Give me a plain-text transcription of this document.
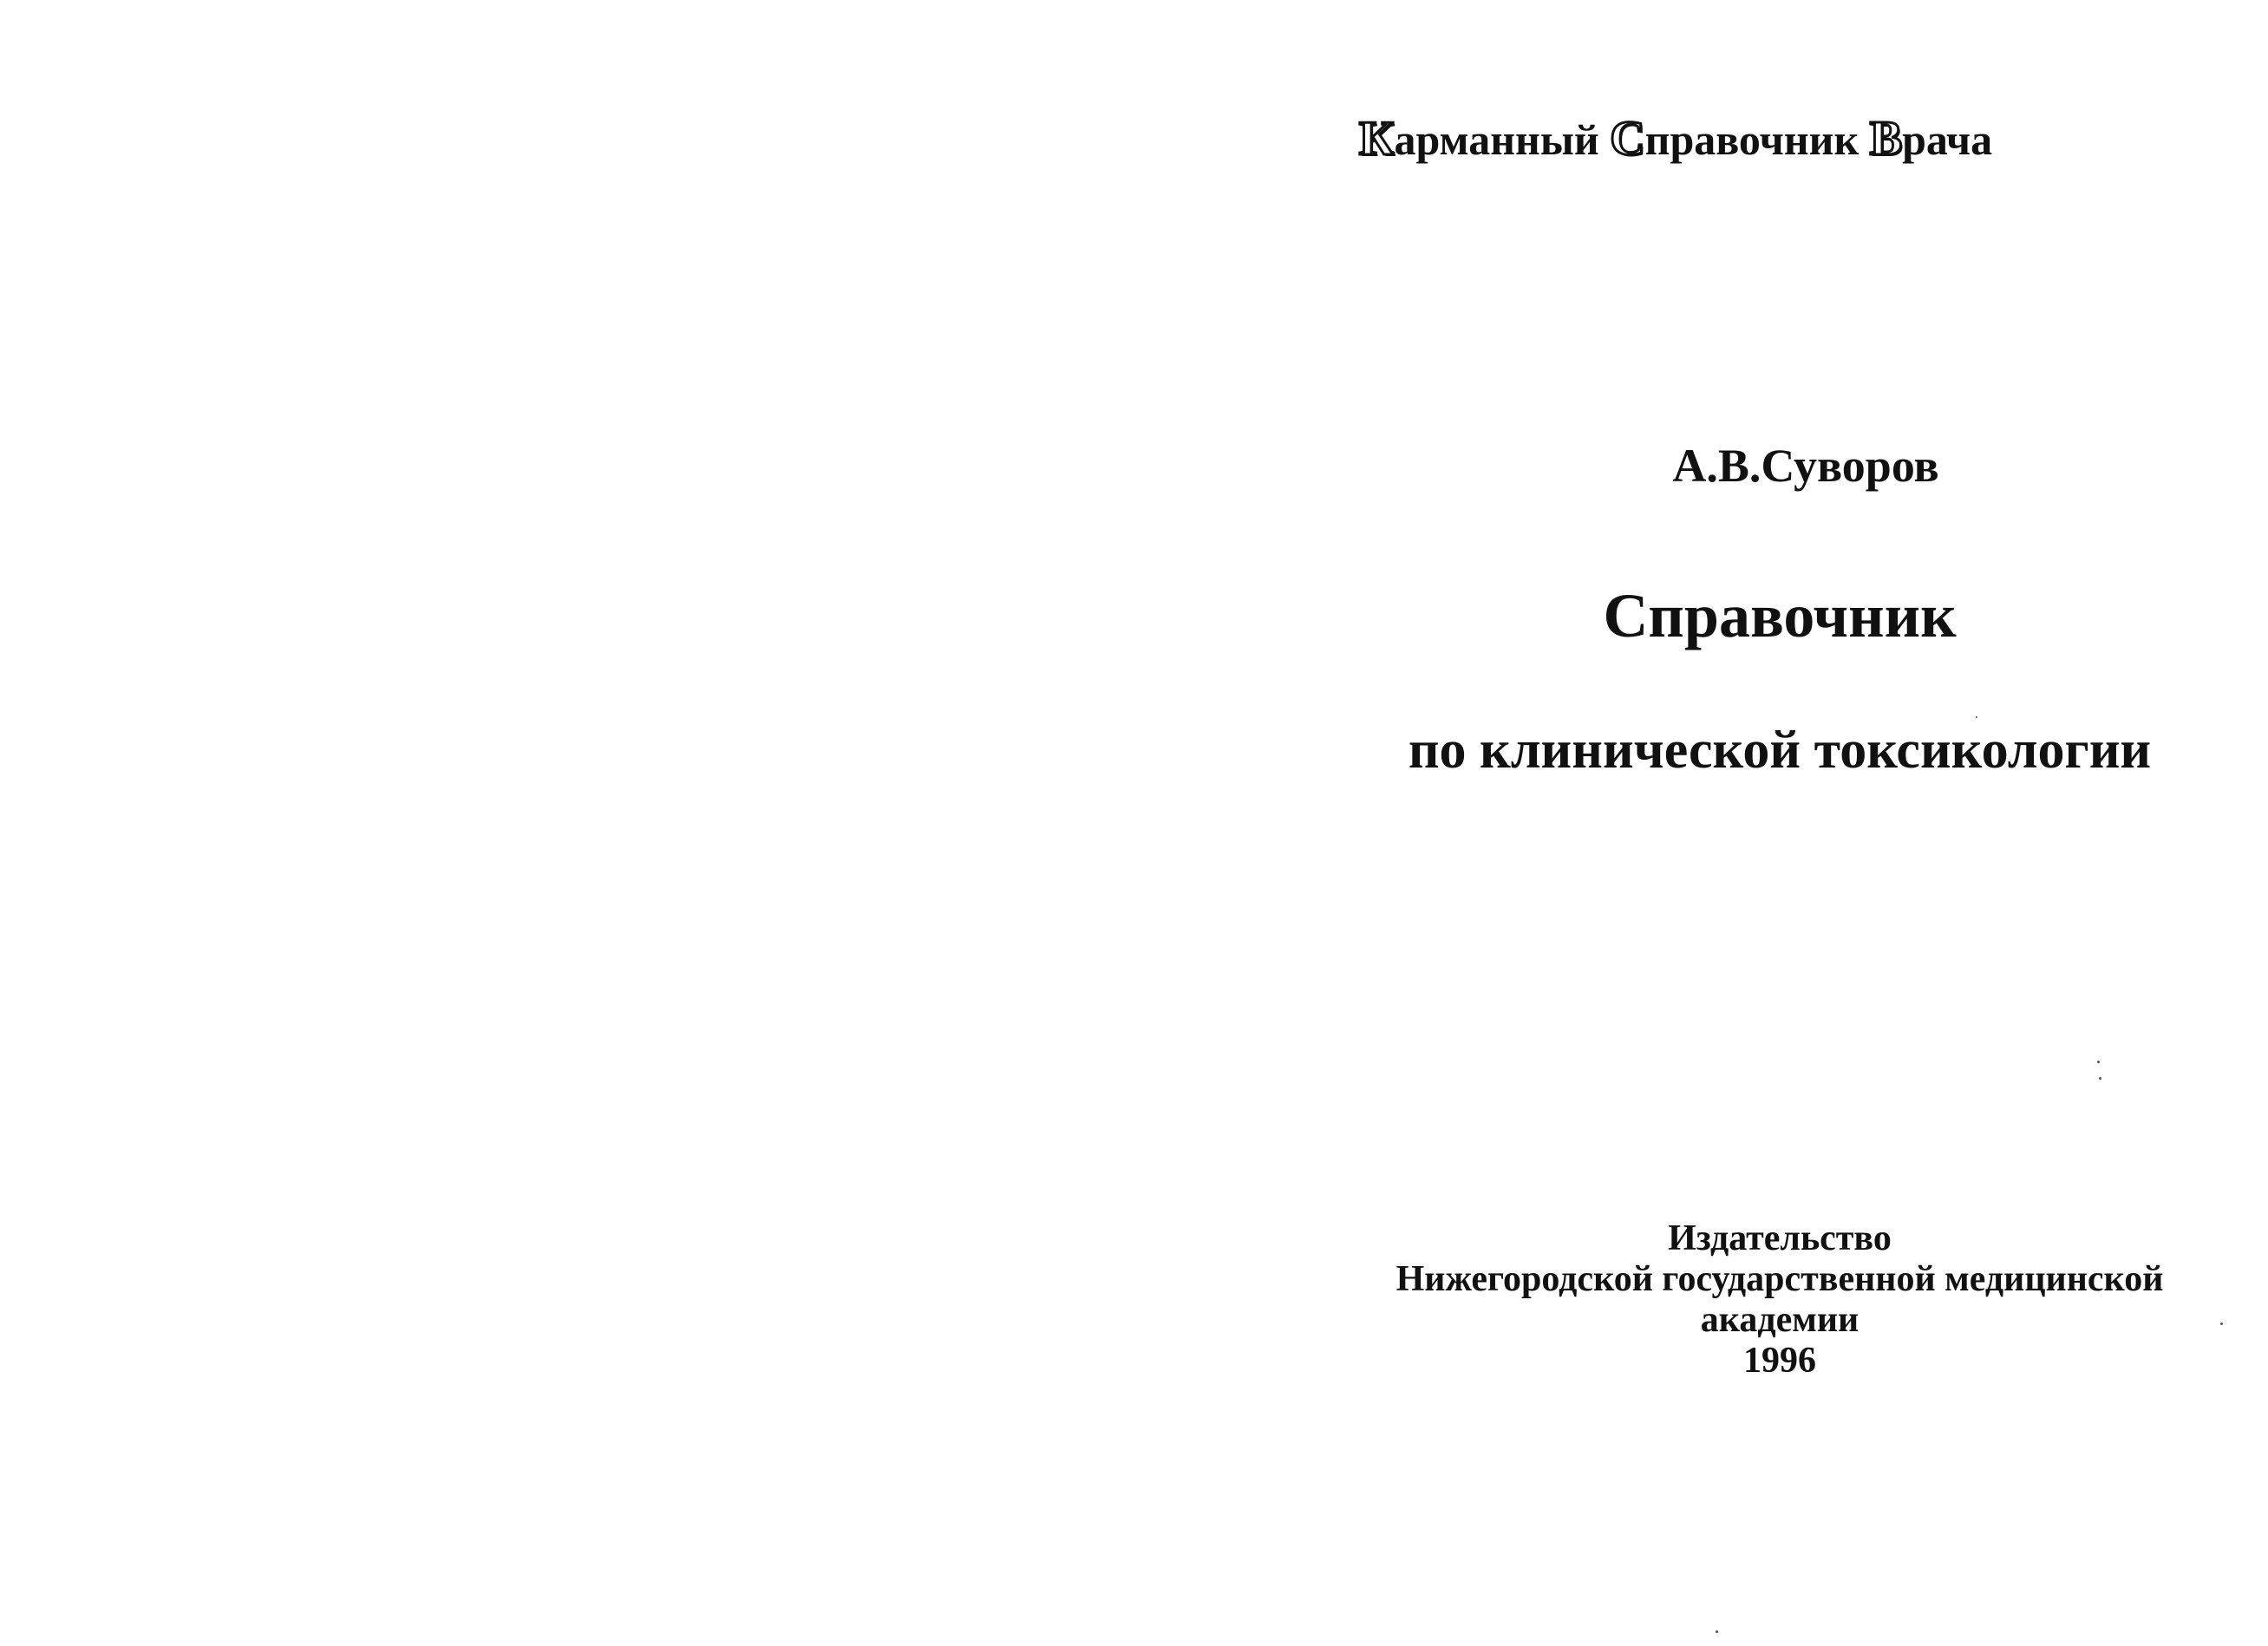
Карманный Справочник Врача
А.В.Суворов
Справочник
по клинической токсикологии
Издательство
Нижегородской государственной медицинской
академии
1996
